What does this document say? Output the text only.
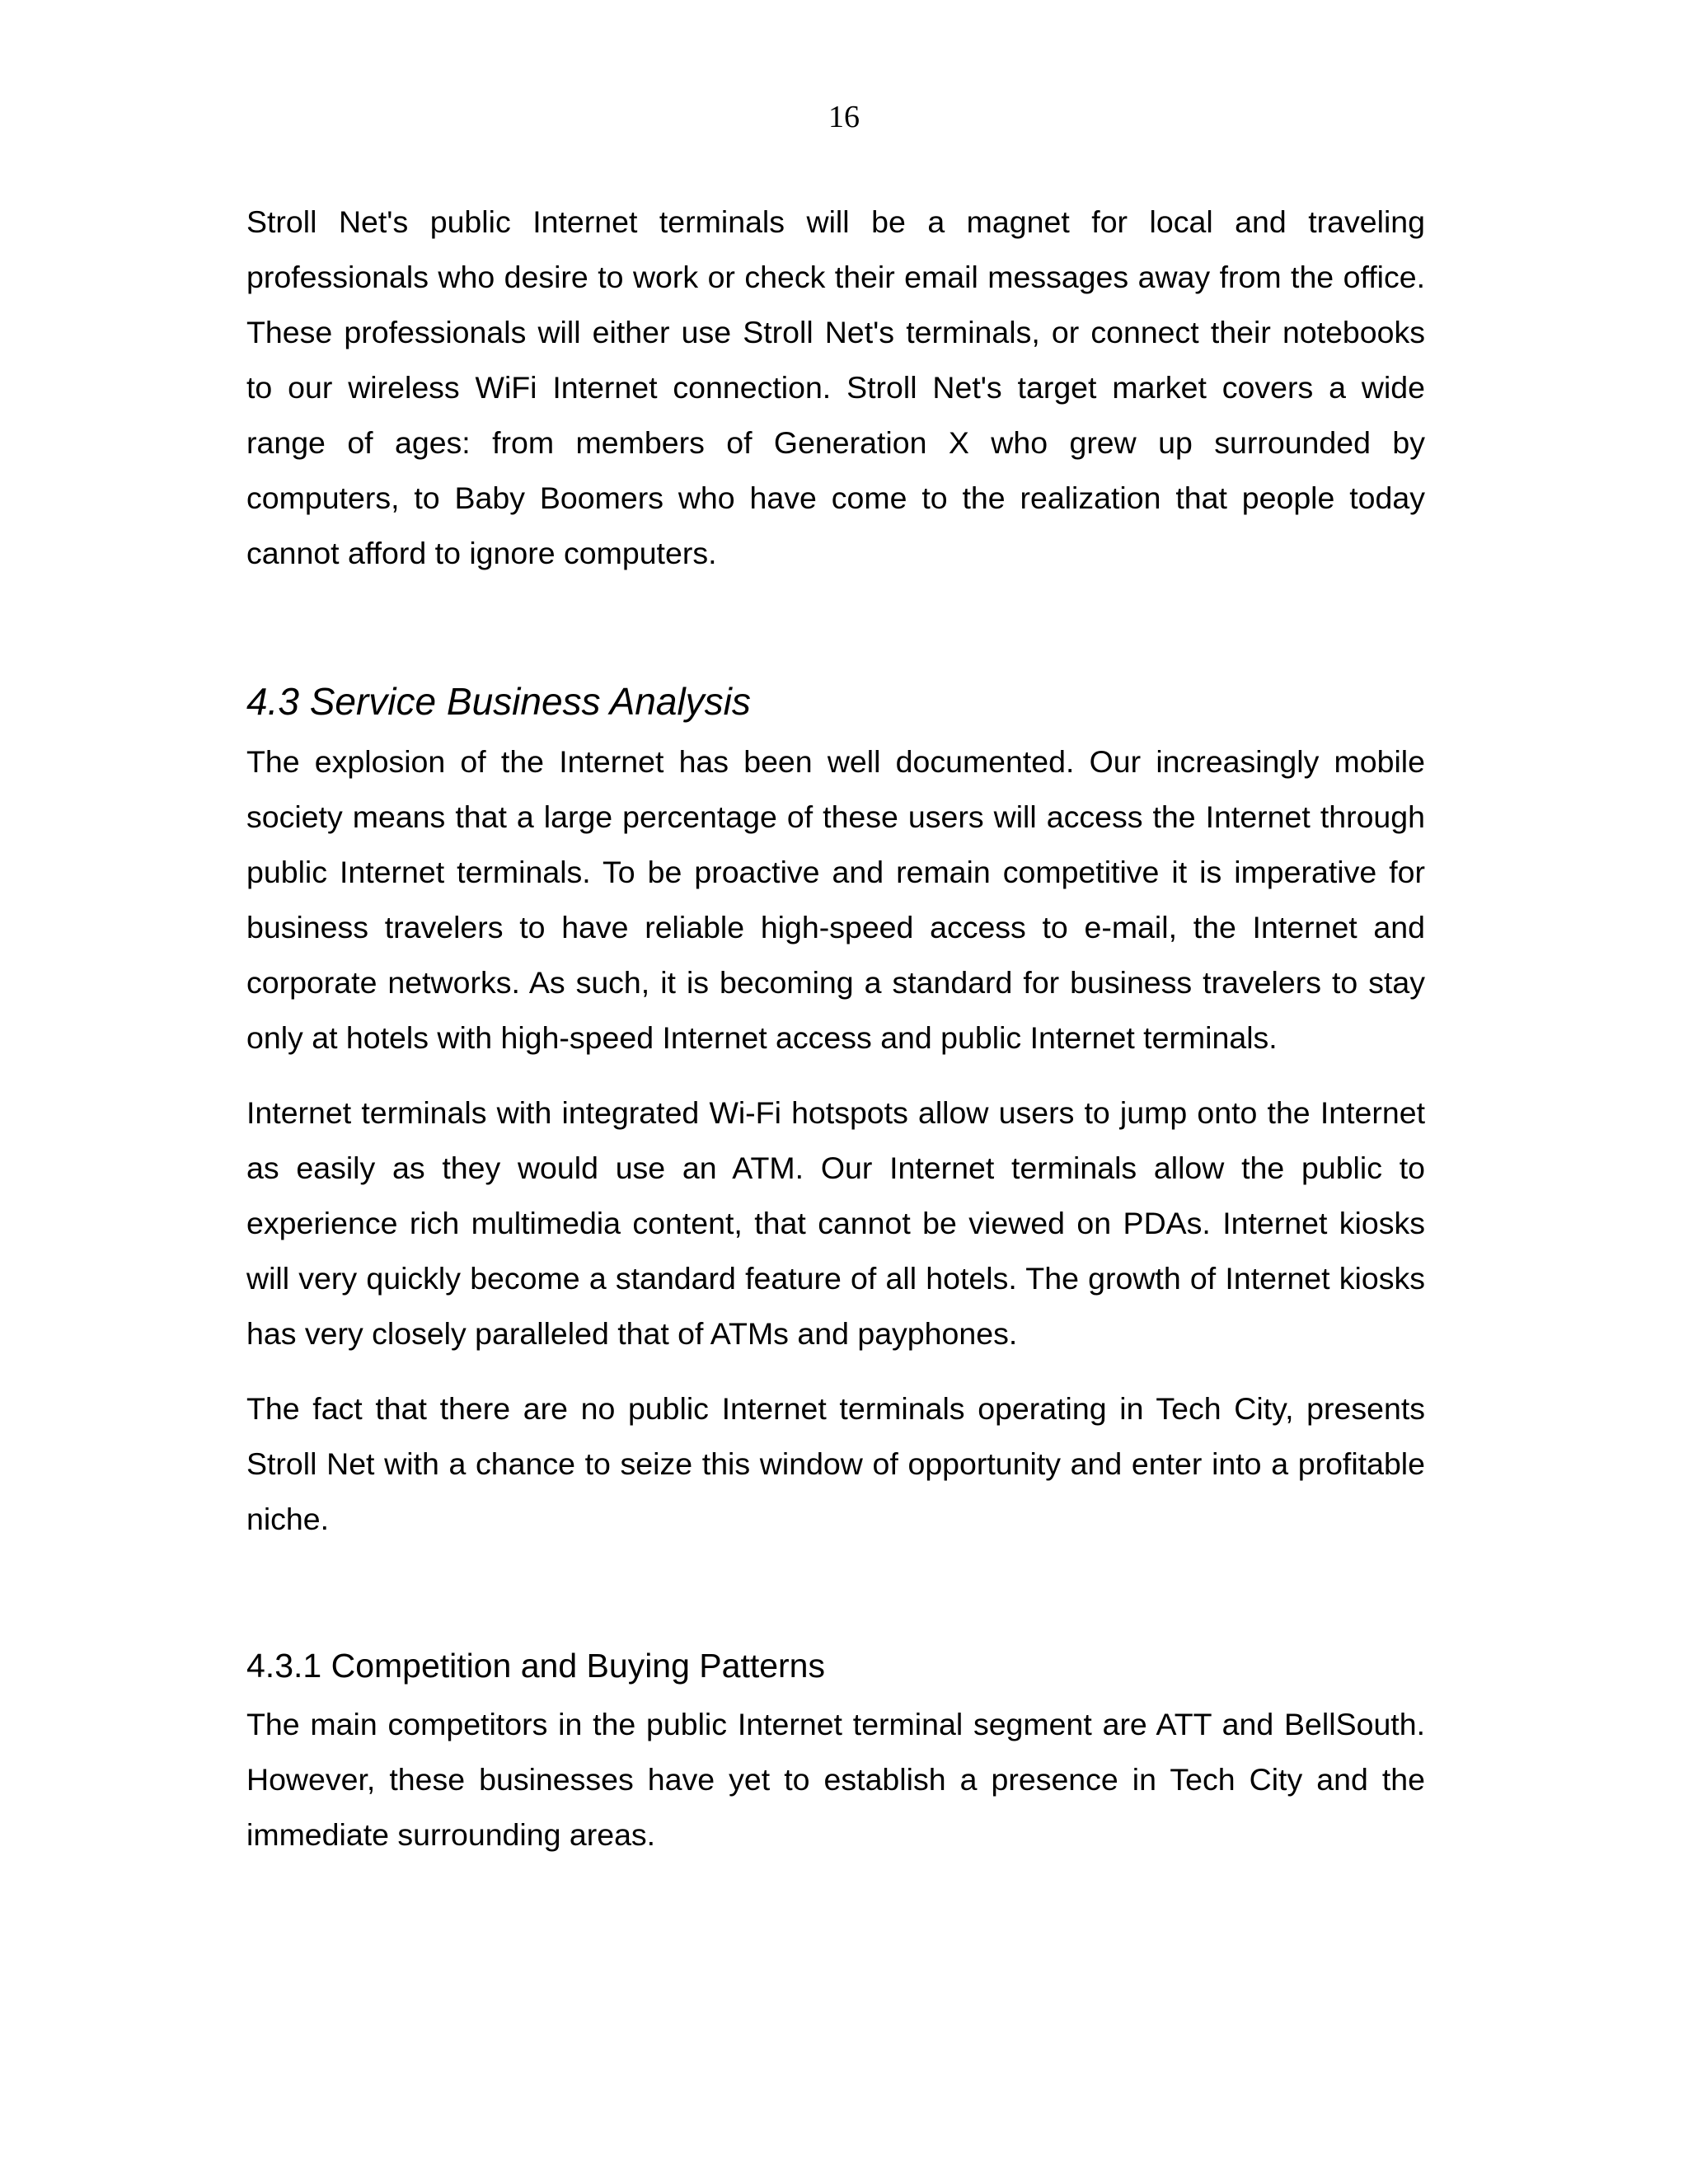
16

Stroll Net's public Internet terminals will be a magnet for local and traveling professionals who desire to work or check their email messages away from the office. These professionals will either use Stroll Net's terminals, or connect their notebooks to our wireless WiFi Internet connection. Stroll Net's target market covers a wide range of ages: from members of Generation X who grew up surrounded by computers, to Baby Boomers who have come to the realization that people today cannot afford to ignore computers.

4.3 Service Business Analysis

The explosion of the Internet has been well documented. Our increasingly mobile society means that a large percentage of these users will access the Internet through public Internet terminals. To be proactive and remain competitive it is imperative for business travelers to have reliable high-speed access to e-mail, the Internet and corporate networks. As such, it is becoming a standard for business travelers to stay only at hotels with high-speed Internet access and public Internet terminals.

Internet terminals with integrated Wi-Fi hotspots allow users to jump onto the Internet as easily as they would use an ATM. Our Internet terminals allow the public to experience rich multimedia content, that cannot be viewed on PDAs. Internet kiosks will very quickly become a standard feature of all hotels. The growth of Internet kiosks has very closely paralleled that of ATMs and payphones.

The fact that there are no public Internet terminals operating in Tech City, presents Stroll Net with a chance to seize this window of opportunity and enter into a profitable niche.

4.3.1 Competition and Buying Patterns

The main competitors in the public Internet terminal segment are ATT and BellSouth. However, these businesses have yet to establish a presence in Tech City and the immediate surrounding areas.
